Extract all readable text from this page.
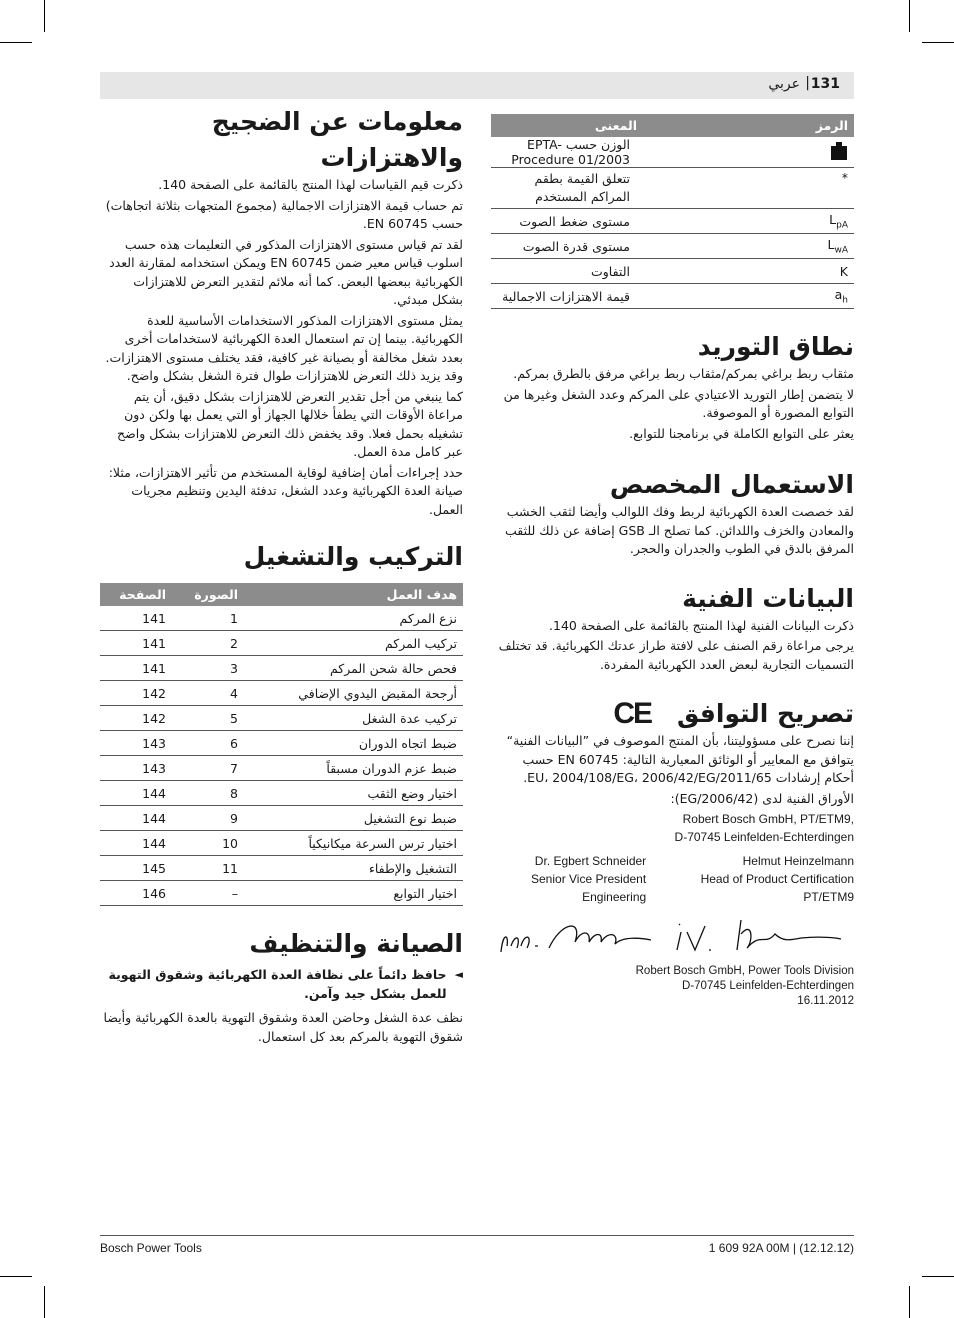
131
|
عربي
الرمز	المعنى
	الوزن حسب EPTA-Procedure 01/2003
*	تتعلق القيمة بطقم المراكم المستخدم
$L_{pA}$	مستوى ضغط الصوت
$L_{wA}$	مستوى قدرة الصوت
K	التفاوت
$a_h$	قيمة الاهتزازات الاجمالية
نطاق التوريد

مثقاب ربط براغي بمركم/مثقاب ربط براغي مرفق بالطرق بمركم.

لا يتضمن إطار التوريد الاعتيادي على المركم وعدد الشغل وغيرها من التوابع المصورة أو الموصوفة.

يعثر على التوابع الكاملة في برنامجنا للتوابع.

الاستعمال المخصص

لقد خصصت العدة الكهربائية لربط وفك اللوالب وأيضا لثقب الخشب والمعادن والخزف واللدائن. كما تصلح الـ GSB إضافة عن ذلك للثقب المرفق بالدق في الطوب والجدران والحجر.

البيانات الفنية

ذكرت البيانات الفنية لهذا المنتج بالقائمة على الصفحة 140.

يرجى مراعاة رقم الصنف على لافتة طراز عدتك الكهربائية. قد تختلف التسميات التجارية لبعض العدد الكهربائية المفردة.

تصريح التوافق
CE

إننا نصرح على مسؤوليتنا، بأن المنتج الموصوف في ”البيانات الفنية“ يتوافق مع المعايير أو الوثائق المعيارية التالية: EN 60745 حسب أحكام إرشادات 2011/65/EU، 2004/108/EG، 2006/42/EG.

الأوراق الفنية لدى (2006/42/EG):

Robert Bosch GmbH, PT/ETM9,
D-70745 Leinfelden-Echterdingen
Dr. Egbert Schneider
Senior Vice President
Engineering
Helmut Heinzelmann
Head of Product Certification
PT/ETM9
Robert Bosch GmbH, Power Tools Division
D-70745 Leinfelden-Echterdingen
16.11.2012
معلومات عن الضجيج والاهتزازات

ذكرت قيم القياسات لهذا المنتج بالقائمة على الصفحة 140.

تم حساب قيمة الاهتزازات الاجمالية (مجموع المتجهات بثلاثة اتجاهات) حسب EN 60745.

لقد تم قياس مستوى الاهتزازات المذكور في التعليمات هذه حسب اسلوب قياس معير ضمن EN 60745 ويمكن استخدامه لمقارنة العدد الكهربائية ببعضها البعض. كما أنه ملائم لتقدير التعرض للاهتزازات بشكل مبدئي.

يمثل مستوى الاهتزازات المذكور الاستخدامات الأساسية للعدة الكهربائية. بينما إن تم استعمال العدة الكهربائية لاستخدامات أخرى بعدد شغل مخالفة أو بصيانة غير كافية، فقد يختلف مستوى الاهتزازات. وقد يزيد ذلك التعرض للاهتزازات طوال فترة الشغل بشكل واضح.

كما ينبغي من أجل تقدير التعرض للاهتزازات بشكل دقيق، أن يتم مراعاة الأوقات التي يطفأ خلالها الجهاز أو التي يعمل بها ولكن دون تشغيله بحمل فعلا. وقد يخفض ذلك التعرض للاهتزازات بشكل واضح عبر كامل مدة العمل.

حدد إجراءات أمان إضافية لوقاية المستخدم من تأثير الاهتزازات، مثلا: صيانة العدة الكهربائية وعدد الشغل، تدفئة اليدين وتنظيم مجريات العمل.

التركيب والتشغيل
هدف العمل	الصورة	الصفحة
نزع المركم	1	141
تركيب المركم	2	141
فحص حالة شحن المركم	3	141
أرجحة المقبض اليدوي الإضافي	4	142
تركيب عدة الشغل	5	142
ضبط اتجاه الدوران	6	143
ضبط عزم الدوران مسبقاً	7	143
اختيار وضع الثقب	8	144
ضبط نوع التشغيل	9	144
اختيار ترس السرعة ميكانيكياً	10	144
التشغيل والإطفاء	11	145
اختيار التوابع	–	146
الصيانة والتنظيف
◄

حافظ دائماً على نظافة العدة الكهربائية وشقوق التهوية للعمل بشكل جيد وآمن.

نظف عدة الشغل وحاضن العدة وشقوق التهوية بالعدة الكهربائية وأيضا شقوق التهوية بالمركم بعد كل استعمال.

Bosch Power Tools	1 609 92A 00M | (12.12.12)
